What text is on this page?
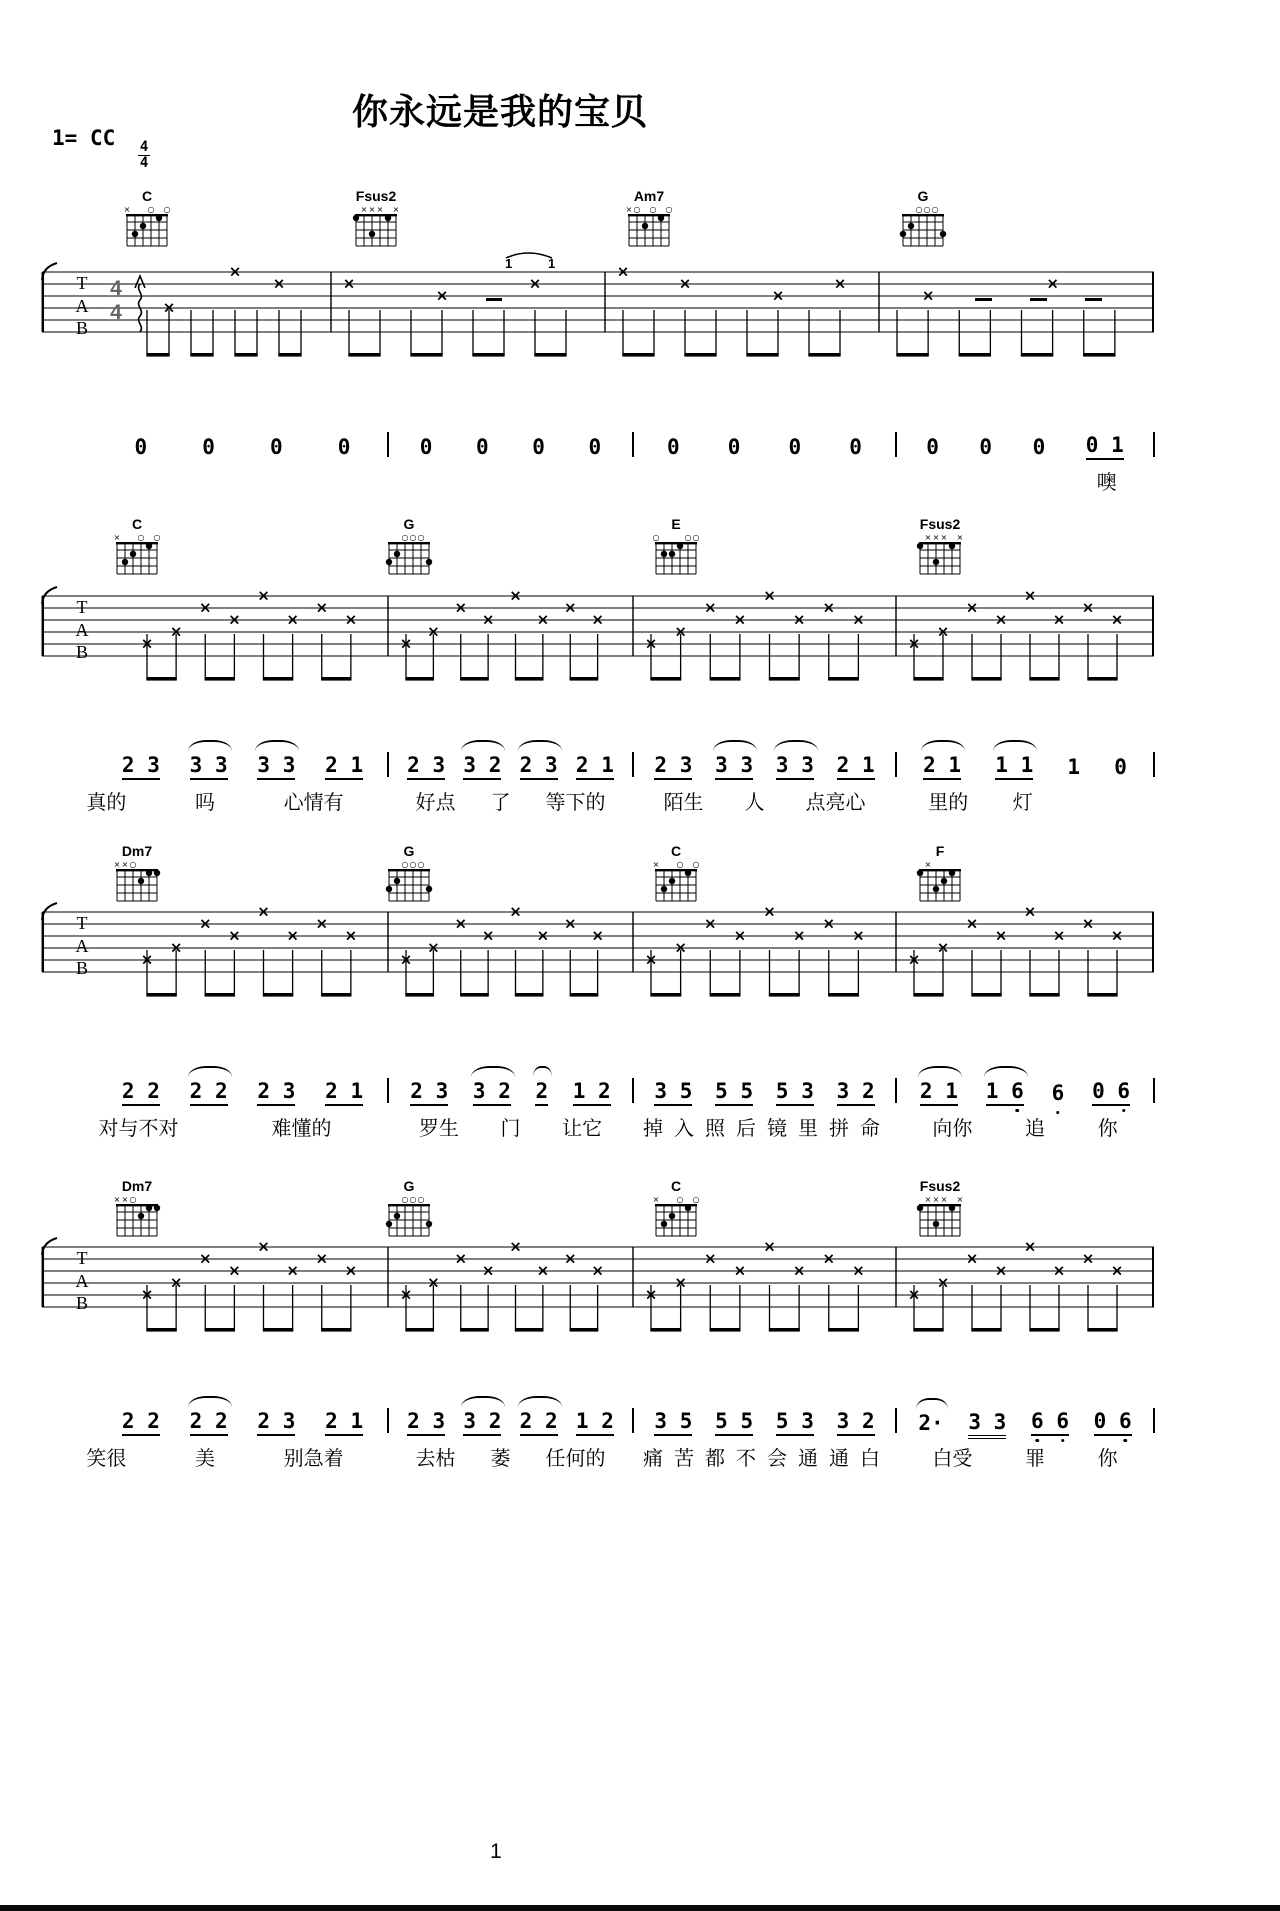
你永远是我的宝贝
1= CC
$\frac{4}{4}$
C
× ○ ○
Fsus2
× × × ×
Am7
× ○ ○ ○
G
○ ○ ○
T
A
B
4
4
1	1
×
×
×	×
×
×
×
×
×
×
×
×
0	0	0	0	0 0 0 0	0 0 0 0	0 0 0 0 1
噢
C
× ○ ○
G
○ ○ ○
E
○	○ ○
Fsus2
× × × ×
T
A
B	×
×
×
×
×
×
×
×
×
×
×
×
×
×
×
×
×
×
×
×
×
×
×
×
×
×
×
×
×
×
×
×
2 3 3 3 3 3 2 1 2 3 3 2 2 3 2 1 2 3 3 3 3 3 2 1 2 1 1 1 1 0
真的	吗	心情有	好点 了 等下的	陌生 人 点亮心	里的 灯
Dm7
× × ○
G
○ ○ ○
C
× ○ ○
F
×
T
A
B	×
×
×
×
×
×
×
×
×
×
×
×
×
×
×
×
×
×
×
×
×
×
×
×
×
×
×
×
×
×
×
×
2 2 2 2 2 3 2 1 2 3 3 2 2 1 2 3 5 5 5 5 3 3 2 2 1 1 6 6 0 6
对与不对	难懂的	罗生 门 让它 掉入照后镜里拼命 向你	追	你
Dm7
× × ○
G
○ ○ ○
C
× ○ ○
Fsus2
× × × ×
T
A
B	×
×
×
×
×
×
×
×
×
×
×
×
×
×
×
×
×
×
×
×
×
×
×
×
×
×
×
×
×
×
×
×
2 2 2 2 2 3 2 1 2 3 3 2 2 2 1 2 3 5 5 5 5 3 3 2 2· 3 3 6 6 0 6
笑很	美	别急着	去枯 萎 任何的 痛苦都不会通通白 白受	罪	你
1
